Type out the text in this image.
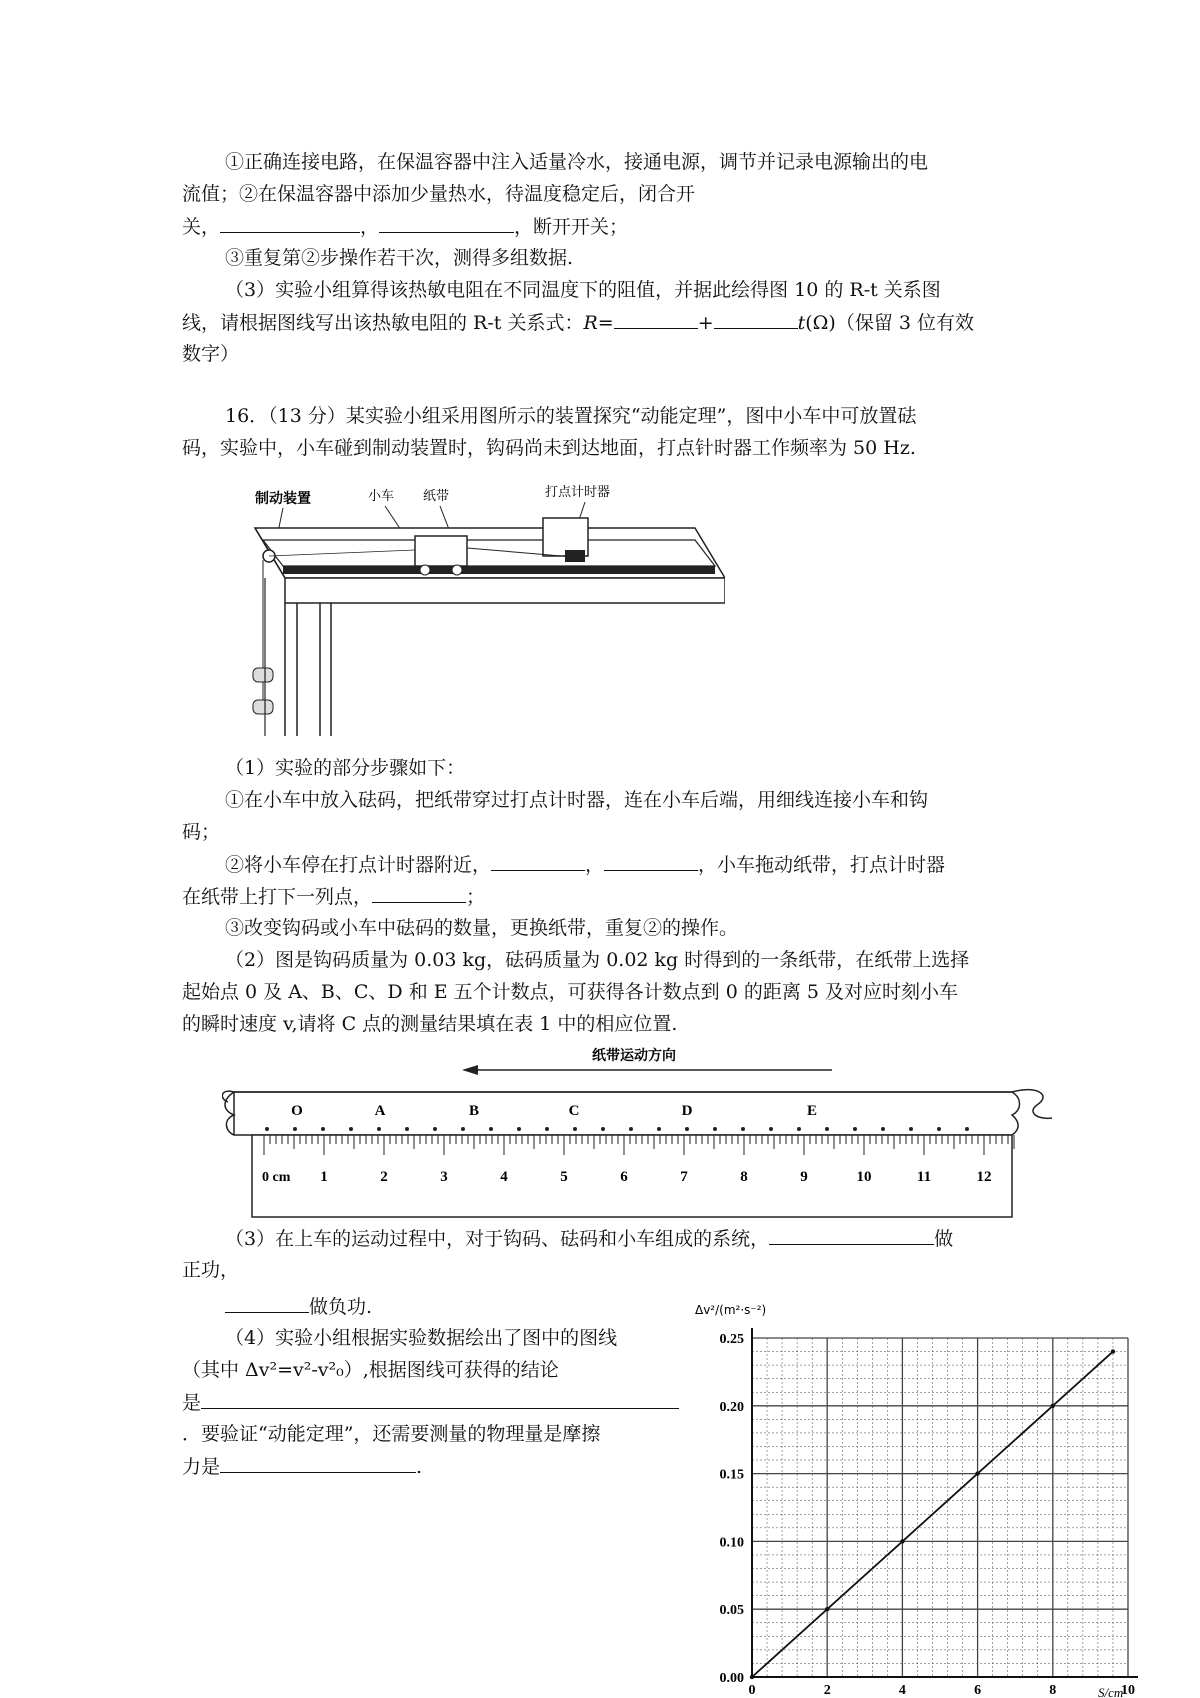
①正确连接电路，在保温容器中注入适量冷水，接通电源，调节并记录电源输出的电
流值；②在保温容器中添加少量热水，待温度稳定后，闭合开
关，	，	，断开开关；
③重复第②步操作若干次，测得多组数据.
（3）实验小组算得该热敏电阻在不同温度下的阻值，并据此绘得图 10 的 R-t 关系图
线，请根据图线写出该热敏电阻的 R-t 关系式：R=	+	t(Ω)（保留 3 位有效
数字）
16．（13 分）某实验小组采用图所示的装置探究“动能定理”，图中小车中可放置砝
码，实验中，小车碰到制动装置时，钩码尚未到达地面，打点针时器工作频率为 50 Hz.
制动装置	小车 纸带	打点计时器
（1）实验的部分步骤如下：
①在小车中放入砝码，把纸带穿过打点计时器，连在小车后端，用细线连接小车和钩
码；
②将小车停在打点计时器附近，	，	，小车拖动纸带，打点计时器
在纸带上打下一列点，	；
③改变钩码或小车中砝码的数量，更换纸带，重复②的操作。
（2）图是钩码质量为 0.03 kg，砝码质量为 0.02 kg 时得到的一条纸带，在纸带上选择
起始点 0 及 A、B、C、D 和 E 五个计数点，可获得各计数点到 0 的距离 5 及对应时刻小车
的瞬时速度 v,请将 C 点的测量结果填在表 1 中的相应位置.
纸带运动方向
0 cm 1	2	3	4	5	6	7	8	9	10	11	12
O	A	B	C	D	E
（3）在上车的运动过程中，对于钩码、砝码和小车组成的系统，	做
正功，
做负功.
（4）实验小组根据实验数据绘出了图中的图线
（其中 Δv²=v²-v²₀）,根据图线可获得的结论
是
．要验证“动能定理”，还需要测量的物理量是摩擦
力是	.
Δv²/(m²·s⁻²)
S/cm
0	2	4	6	8	10
0.00
0.05
0.10
0.15
0.20
0.25
